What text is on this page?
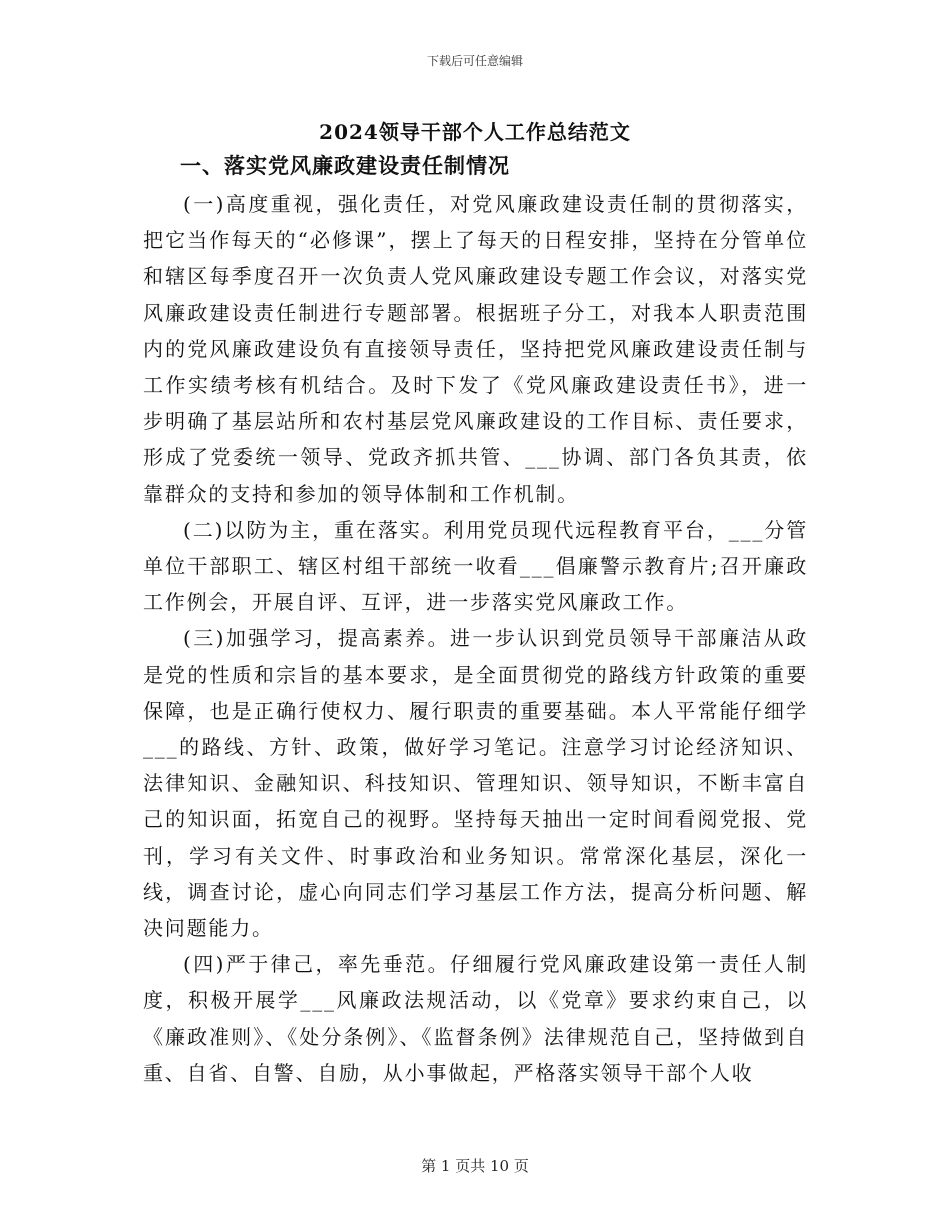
下载后可任意编辑
2024领导干部个人工作总结范文
一、落实党风廉政建设责任制情况

(一)高度重视，强化责任，对党风廉政建设责任制的贯彻落实，把它当作每天的“必修课”，摆上了每天的日程安排，坚持在分管单位和辖区每季度召开一次负责人党风廉政建设专题工作会议，对落实党风廉政建设责任制进行专题部署。根据班子分工，对我本人职责范围内的党风廉政建设负有直接领导责任，坚持把党风廉政建设责任制与工作实绩考核有机结合。及时下发了《党风廉政建设责任书》，进一步明确了基层站所和农村基层党风廉政建设的工作目标、责任要求，形成了党委统一领导、党政齐抓共管、___协调、部门各负其责，依靠群众的支持和参加的领导体制和工作机制。

(二)以防为主，重在落实。利用党员现代远程教育平台，___分管单位干部职工、辖区村组干部统一收看___倡廉警示教育片;召开廉政工作例会，开展自评、互评，进一步落实党风廉政工作。

(三)加强学习，提高素养。进一步认识到党员领导干部廉洁从政是党的性质和宗旨的基本要求，是全面贯彻党的路线方针政策的重要保障，也是正确行使权力、履行职责的重要基础。本人平常能仔细学___的路线、方针、政策，做好学习笔记。注意学习讨论经济知识、法律知识、金融知识、科技知识、管理知识、领导知识，不断丰富自己的知识面，拓宽自己的视野。坚持每天抽出一定时间看阅党报、党刊，学习有关文件、时事政治和业务知识。常常深化基层，深化一线，调查讨论，虚心向同志们学习基层工作方法，提高分析问题、解决问题能力。

(四)严于律己，率先垂范。仔细履行党风廉政建设第一责任人制度，积极开展学___风廉政法规活动，以《党章》要求约束自己，以《廉政准则》、《处分条例》、《监督条例》法律规范自己，坚持做到自重、自省、自警、自励，从小事做起，严格落实领导干部个人收

第 1 页共 10 页
